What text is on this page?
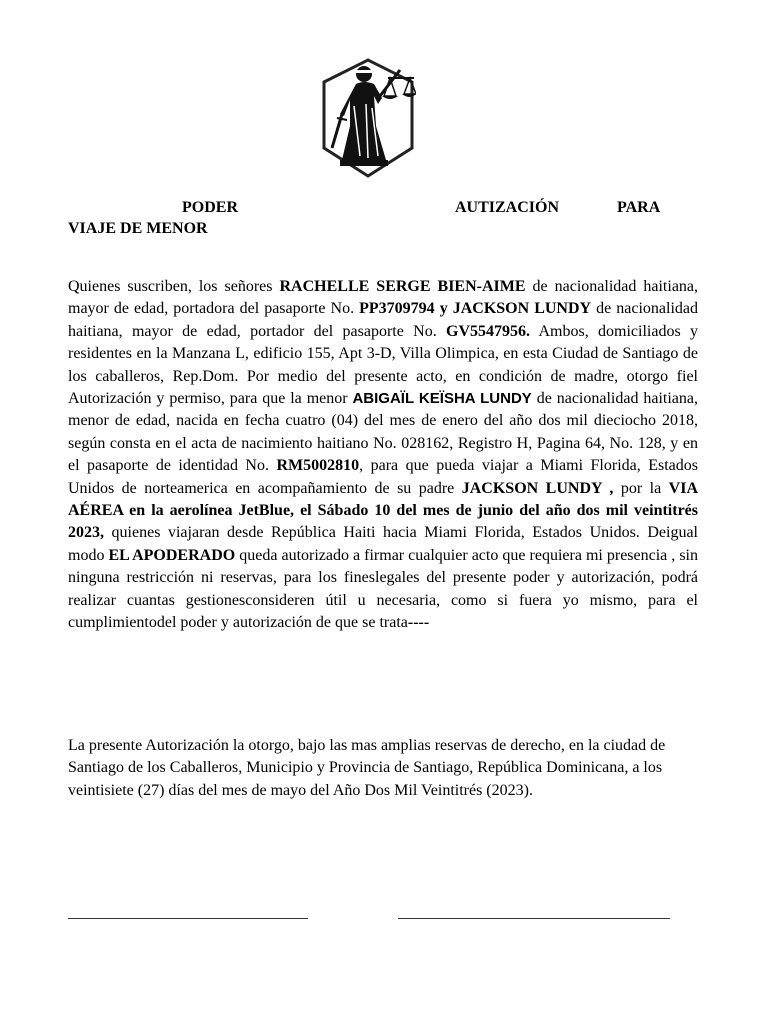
PODER	AUTIZACIÓN	PARA
VIAJE DE MENOR
Quienes suscriben, los señores RACHELLE SERGE BIEN-AIME de nacionalidad haitiana, mayor de edad, portadora del pasaporte No. PP3709794 y JACKSON LUNDY de nacionalidad haitiana, mayor de edad, portador del pasaporte No. GV5547956. Ambos, domiciliados y residentes en la Manzana L, edificio 155, Apt 3-D, Villa Olimpica, en esta Ciudad de Santiago de los caballeros, Rep.Dom. Por medio del presente acto, en condición de madre, otorgo fiel Autorización y permiso, para que la menor ABIGAÏL KEÏSHA LUNDY de nacionalidad haitiana, menor de edad, nacida en fecha cuatro (04) del mes de enero del año dos mil dieciocho 2018, según consta en el acta de nacimiento haitiano No. 028162, Registro H, Pagina 64, No. 128, y en el pasaporte de identidad No. RM5002810, para que pueda viajar a Miami Florida, Estados Unidos de norteamerica en acompañamiento de su padre JACKSON LUNDY , por la VIA AÉREA en la aerolínea JetBlue, el Sábado 10 del mes de junio del año dos mil veintitrés 2023, quienes viajaran desde República Haiti hacia Miami Florida, Estados Unidos. Deigual modo EL APODERADO queda autorizado a firmar cualquier acto que requiera mi presencia , sin ninguna restricción ni reservas, para los fineslegales del presente poder y autorización, podrá realizar cuantas gestionesconsideren útil u necesaria, como si fuera yo mismo, para el cumplimientodel poder y autorización de que se trata----
La presente Autorización la otorgo, bajo las mas amplias reservas de derecho, en la ciudad de Santiago de los Caballeros, Municipio y Provincia de Santiago, República Dominicana, a los veintisiete (27) días del mes de mayo del Año Dos Mil Veintitrés (2023).
______________________________	__________________________________
